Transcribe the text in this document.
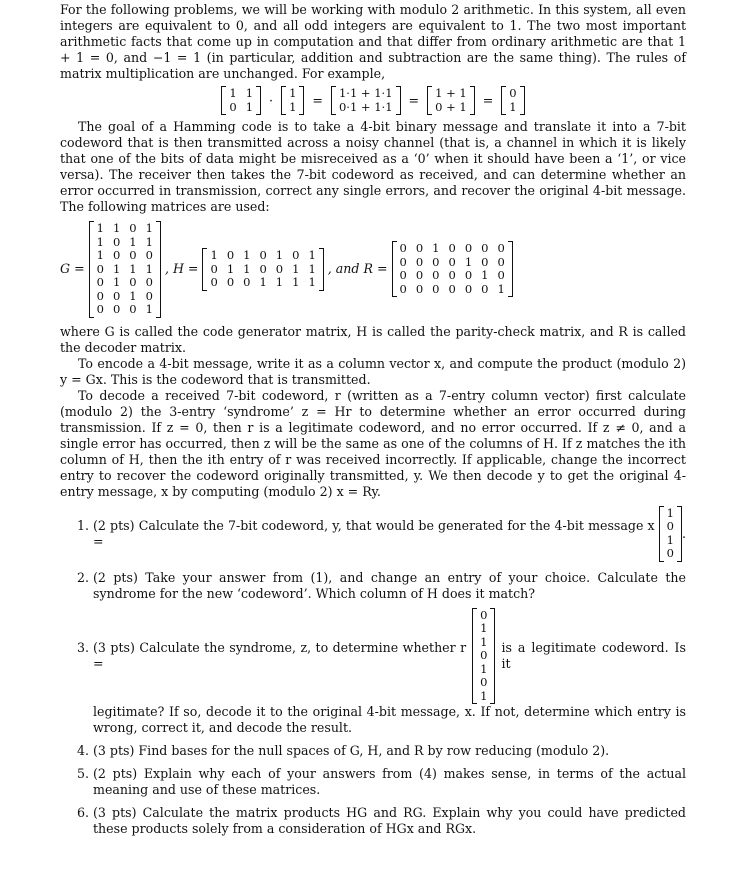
For the following problems, we will be working with modulo 2 arithmetic. In this system, all even integers are equivalent to 0, and all odd integers are equivalent to 1. The two most important arithmetic facts that come up in computation and that differ from ordinary arithmetic are that 1 + 1 = 0, and −1 = 1 (in particular, addition and subtraction are the same thing). The rules of matrix multiplication are unchanged. For example,

1 1
0 1 · 1
1 = 1·1 + 1·1
0·1 + 1·1 = 1 + 1
0 + 1 = 0
1

The goal of a Hamming code is to take a 4-bit binary message and translate it into a 7-bit codeword that is then transmitted across a noisy channel (that is, a channel in which it is likely that one of the bits of data might be misreceived as a ‘0’ when it should have been a ‘1’, or vice versa). The receiver then takes the 7-bit codeword as received, and can determine whether an error occurred in transmission, correct any single errors, and recover the original 4-bit message. The following matrices are used:

G =
1 1 0 1
1 0 1 1
1 0 0 0
0 1 1 1
0 1 0 0
0 0 1 0
0 0 0 1
, H =
1 0 1 0 1 0 1
0 1 1 0 0 1 1
0 0 0 1 1 1 1
, and R =
0 0 1 0 0 0 0
0 0 0 0 1 0 0
0 0 0 0 0 1 0
0 0 0 0 0 0 1

where G is called the code generator matrix, H is called the parity-check matrix, and R is called the decoder matrix.

To encode a 4-bit message, write it as a column vector x, and compute the product (modulo 2) y = Gx. This is the codeword that is transmitted.

To decode a received 7-bit codeword, r (written as a 7-entry column vector) first calculate (modulo 2) the 3-entry ‘syndrome’ z = Hr to determine whether an error occurred during transmission. If z = 0, then r is a legitimate codeword, and no error occurred. If z ≠ 0, and a single error has occurred, then z will be the same as one of the columns of H. If z matches the ith column of H, then the ith entry of r was received incorrectly. If applicable, change the incorrect entry to recover the codeword originally transmitted, y. We then decode y to get the original 4-entry message, x by computing (modulo 2) x = Ry.

1. (2 pts) Calculate the 7-bit codeword, y, that would be generated for the 4-bit message x =
1
0
1
0
.
2. (2 pts) Take your answer from (1), and change an entry of your choice. Calculate the syndrome for the new ‘codeword’. Which column of H does it match?
3. (3 pts) Calculate the syndrome, z, to determine whether r =
0
1
1
0
1
0
1
is a legitimate codeword. Is it
legitimate? If so, decode it to the original 4-bit message, x. If not, determine which entry is wrong, correct it, and decode the result.
4. (3 pts) Find bases for the null spaces of G, H, and R by row reducing (modulo 2).
5. (2 pts) Explain why each of your answers from (4) makes sense, in terms of the actual meaning and use of these matrices.
6. (3 pts) Calculate the matrix products HG and RG. Explain why you could have predicted these products solely from a consideration of HGx and RGx.
